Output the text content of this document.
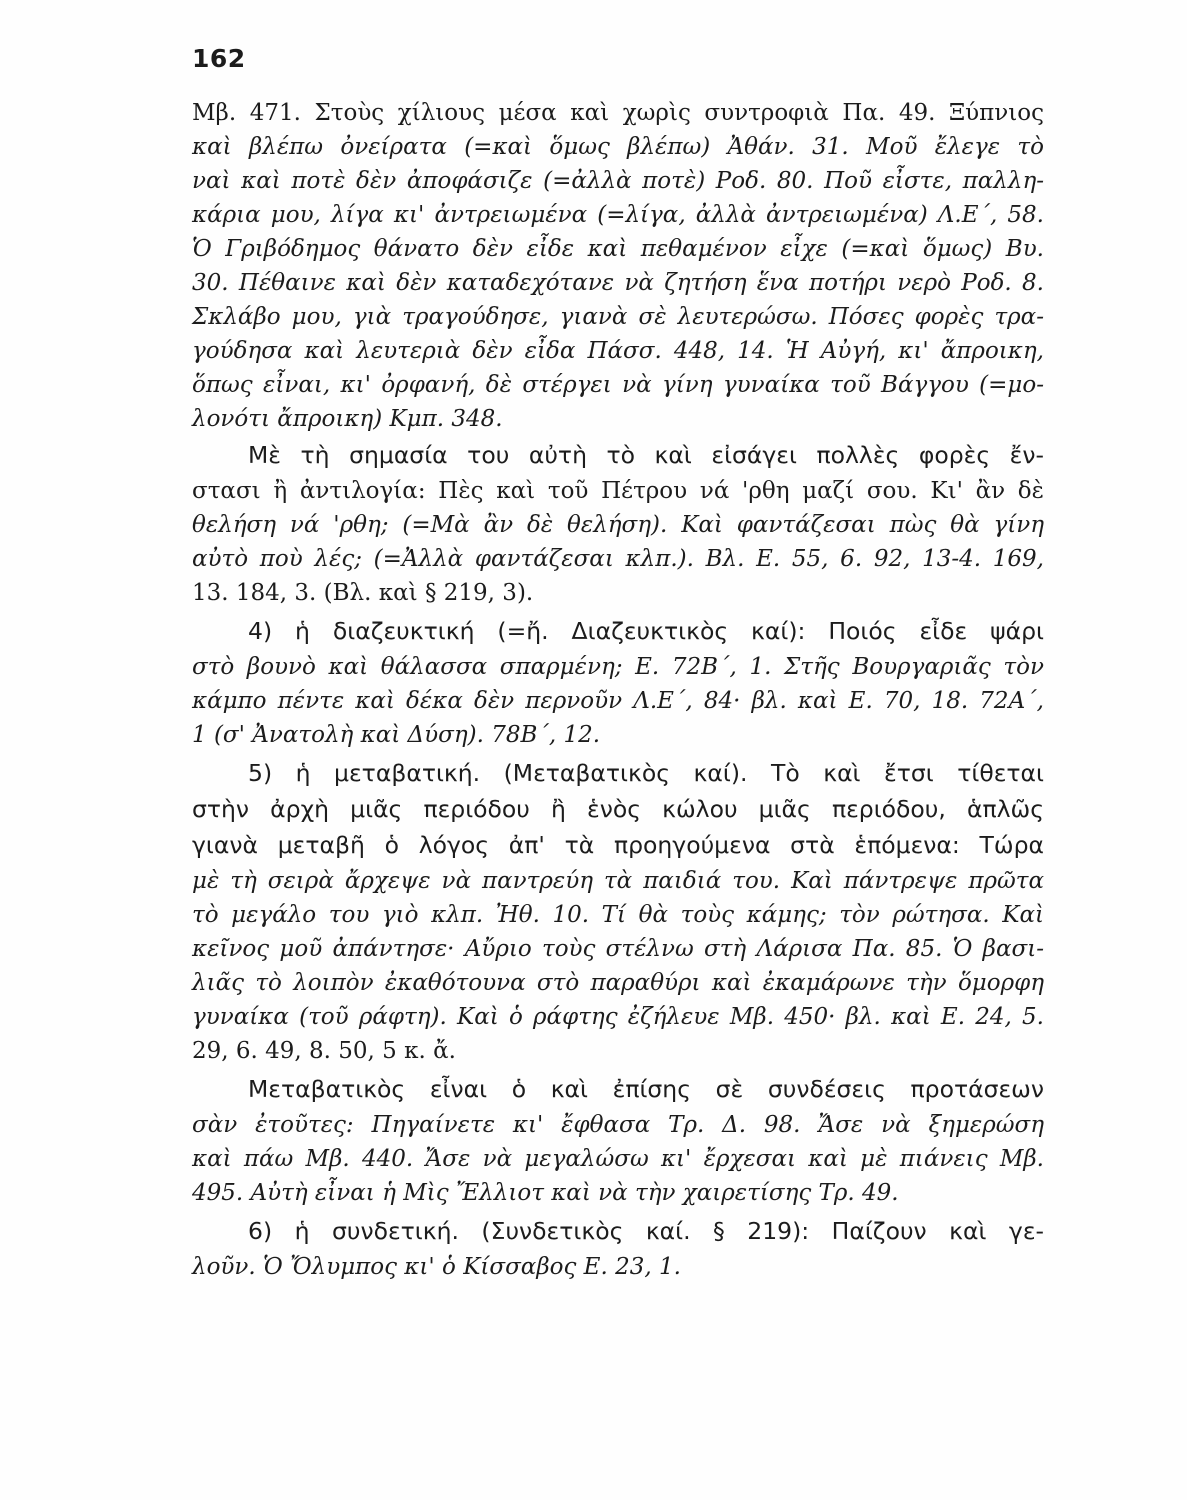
162
Μβ. 471. Στοὺς χίλιους μέσα καὶ χωρὶς συντροφιὰ Πα. 49. Ξύπνιος
καὶ βλέπω ὀνείρατα (=καὶ ὅμως βλέπω) Ἀθάν. 31. Μοῦ ἔλεγε τὸ
ναὶ καὶ ποτὲ δὲν ἀποφάσιζε (=ἀλλὰ ποτὲ) Ροδ. 80. Ποῦ εἶστε, παλλη-
κάρια μου, λίγα κι' ἀντρειωμένα (=λίγα, ἀλλὰ ἀντρειωμένα) Λ.Ε΄, 58.
Ὁ Γριβόδημος θάνατο δὲν εἶδε καὶ πεθαμένον εἶχε (=καὶ ὅμως) Βυ.
30. Πέθαινε καὶ δὲν καταδεχότανε νὰ ζητήση ἕνα ποτήρι νερὸ Ροδ. 8.
Σκλάβο μου, γιὰ τραγούδησε, γιανὰ σὲ λευτερώσω. Πόσες φορὲς τρα-
γούδησα καὶ λευτεριὰ δὲν εἶδα Πάσσ. 448, 14. Ἡ Αὐγή, κι' ἄπροικη,
ὅπως εἶναι, κι' ὀρφανή, δὲ στέργει νὰ γίνη γυναίκα τοῦ Βάγγου (=μο-
λονότι ἄπροικη) Κμπ. 348.
Μὲ τὴ σημασία του αὐτὴ τὸ καὶ εἰσάγει πολλὲς φορὲς ἔν-
στασι ἢ ἀντιλογία: Πὲς καὶ τοῦ Πέτρου νά 'ρθη μαζί σου. Κι' ἂν δὲ
θελήση νά 'ρθη; (=Μὰ ἂν δὲ θελήση). Καὶ φαντάζεσαι πὼς θὰ γίνη
αὐτὸ ποὺ λές; (=Ἀλλὰ φαντάζεσαι κλπ.). Βλ. Ε. 55, 6. 92, 13-4. 169,
13. 184, 3. (Βλ. καὶ § 219, 3).
4) ἡ διαζευκτική (=ἤ. Διαζευκτικὸς καί): Ποιός εἶδε ψάρι
στὸ βουνὸ καὶ θάλασσα σπαρμένη; Ε. 72Β΄, 1. Στῆς Βουργαριᾶς τὸν
κάμπο πέντε καὶ δέκα δὲν περνοῦν Λ.Ε΄, 84· βλ. καὶ Ε. 70, 18. 72Α΄,
1 (σ' Ἀνατολὴ καὶ Δύση). 78Β΄, 12.
5) ἡ μεταβατική. (Μεταβατικὸς καί). Τὸ καὶ ἔτσι τίθεται
στὴν ἀρχὴ μιᾶς περιόδου ἢ ἑνὸς κώλου μιᾶς περιόδου, ἁπλῶς
γιανὰ μεταβῆ ὁ λόγος ἀπ' τὰ προηγούμενα στὰ ἑπόμενα: Τώρα
μὲ τὴ σειρὰ ἄρχεψε νὰ παντρεύη τὰ παιδιά του. Καὶ πάντρεψε πρῶτα
τὸ μεγάλο του γιὸ κλπ. Ἠθ. 10. Τί θὰ τοὺς κάμης; τὸν ρώτησα. Καὶ
κεῖνος μοῦ ἀπάντησε· Αὔριο τοὺς στέλνω στὴ Λάρισα Πα. 85. Ὁ βασι-
λιᾶς τὸ λοιπὸν ἐκαθότουνα στὸ παραθύρι καὶ ἐκαμάρωνε τὴν ὅμορφη
γυναίκα (τοῦ ράφτη). Καὶ ὁ ράφτης ἐζήλευε Μβ. 450· βλ. καὶ Ε. 24, 5.
29, 6. 49, 8. 50, 5 κ. ἄ.
Μεταβατικὸς εἶναι ὁ καὶ ἐπίσης σὲ συνδέσεις προτάσεων
σὰν ἐτοῦτες: Πηγαίνετε κι' ἔφθασα Τρ. Δ. 98. Ἄσε νὰ ξημερώση
καὶ πάω Μβ. 440. Ἄσε νὰ μεγαλώσω κι' ἔρχεσαι καὶ μὲ πιάνεις Μβ.
495. Αὐτὴ εἶναι ἡ Μὶς Ἔλλιοτ καὶ νὰ τὴν χαιρετίσης Τρ. 49.
6) ἡ συνδετική. (Συνδετικὸς καί. § 219): Παίζουν καὶ γε-
λοῦν. Ὁ Ὄλυμπος κι' ὁ Κίσσαβος Ε. 23, 1.
